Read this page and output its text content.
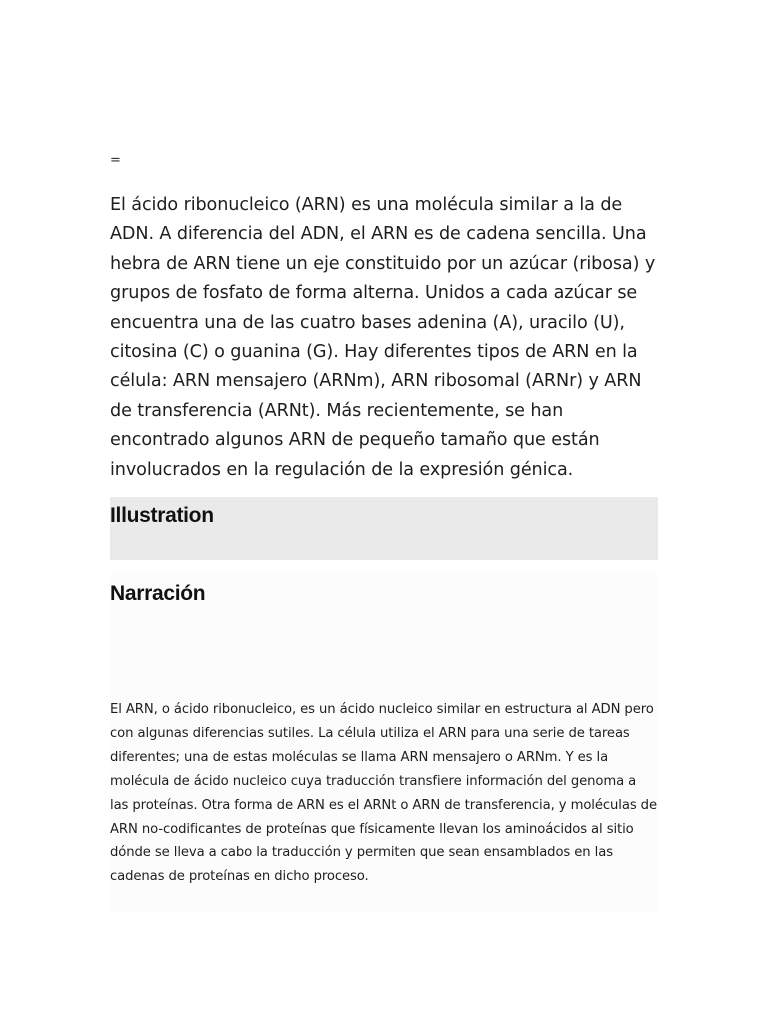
=

El ácido ribonucleico (ARN) es una molécula similar a la de ADN. A diferencia del ADN, el ARN es de cadena sencilla. Una hebra de ARN tiene un eje constituido por un azúcar (ribosa) y grupos de fosfato de forma alterna. Unidos a cada azúcar se encuentra una de las cuatro bases adenina (A), uracilo (U), citosina (C) o guanina (G). Hay diferentes tipos de ARN en la célula: ARN mensajero (ARNm), ARN ribosomal (ARNr) y ARN de transferencia (ARNt). Más recientemente, se han encontrado algunos ARN de pequeño tamaño que están involucrados en la regulación de la expresión génica.

Illustration
Narración

El ARN, o ácido ribonucleico, es un ácido nucleico similar en estructura al ADN pero con algunas diferencias sutiles. La célula utiliza el ARN para una serie de tareas diferentes; una de estas moléculas se llama ARN mensajero o ARNm. Y es la molécula de ácido nucleico cuya traducción transfiere información del genoma a las proteínas. Otra forma de ARN es el ARNt o ARN de transferencia, y moléculas de ARN no-codificantes de proteínas que físicamente llevan los aminoácidos al sitio dónde se lleva a cabo la traducción y permiten que sean ensamblados en las cadenas de proteínas en dicho proceso.
